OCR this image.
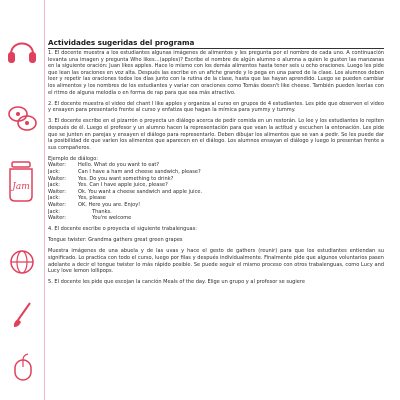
Jam
Actividades sugeridas del programa

1. El docente muestra a los estudiantes algunas imágenes de alimentos y les pregunta por el nombre de cada uno. A continuación levanta una imagen y pregunta Who likes…(apples)? Escribe el nombre de algún alumno o alumna a quien le gusten las manzanas en la siguiente oración: Juan likes apples. Hace lo mismo con los demás alimentos hasta tener seis u ocho oraciones. Luego les pide que lean las oraciones en voz alta. Después las escribe en un afiche grande y lo pega en una pared de la clase. Los alumnos deben leer y repetir las oraciones todos los días junto con la rutina de la clase, hasta que las hayan aprendido. Luego se pueden cambiar los alimentos y los nombres de los estudiantes y variar con oraciones como Tomás doesn't like cheese. También pueden leerlas con el ritmo de alguna melodía o en forma de rap para que sea más atractivo.

2. El docente muestra el video del chant I like apples y organiza al curso en grupos de 4 estudiantes. Les pide que observen el video y ensayen para presentarlo frente al curso y enfatiza que hagan la mímica para yummy y tummy.

3. El docente escribe en el pizarrón o proyecta un diálogo acerca de pedir comida en un restorán. Lo lee y los estudiantes lo repiten después de él. Luego el profesor y un alumno hacen la representación para que vean la actitud y escuchen la entonación. Les pide que se junten en parejas y ensayen el diálogo para representarlo. Deben dibujar los alimentos que se van a pedir. Se les puede dar la posibilidad de que varíen los alimentos que aparecen en el diálogo. Los alumnos ensayan el diálogo y luego lo presentan frente a sus compañeros.

Ejemplo de diálogo:
Waiter:	Hello. What do you want to eat?
Jack:	Can I have a ham and cheese sandwich, please?
Waiter:	Yes. Do you want something to drink?
Jack:	Yes. Can I have apple juice, please?
Waiter:	Ok. You want a cheese sandwich and apple juice.
Jack:	Yes, please
Waiter:	OK. Here you are. Enjoy!
Jack:	Thanks.
Waiter:	You're welcome

4. El docente escribe o proyecta el siguiente trabalenguas:

Tongue twister: Grandma gathers great green grapes

Muestra imágenes de una abuela y de las uvas y hace el gesto de gathers (reunir) para que los estudiantes entiendan su significado. Lo practica con todo el curso, luego por filas y después individualmente. Finalmente pide que algunos voluntarios pasen adelante a decir el tongue twister lo más rápido posible. Se puede seguir el mismo proceso con otros trabalenguas, como Lucy and Lucy love lemon lollipops.

5. El docente les pide que escojan la canción Meals of the day. Elige un grupo y al profesor se sugiere
